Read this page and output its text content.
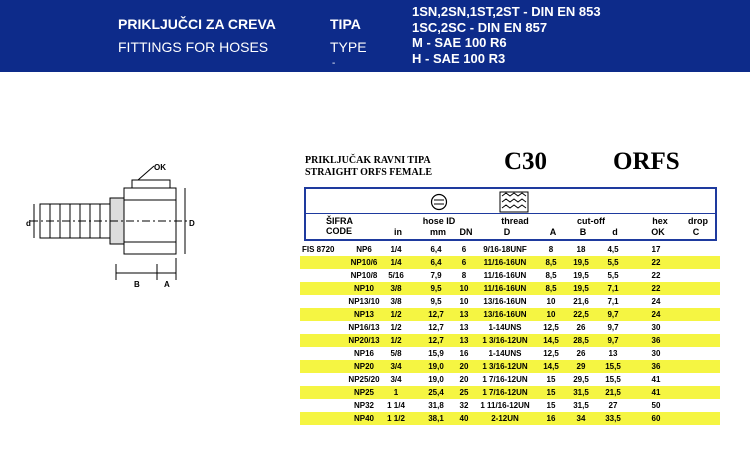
PRIKLJUČCI ZA CREVA
FITTINGS FOR HOSES
TIPA
TYPE
1SN,2SN,1ST,2ST - DIN EN 853
1SC,2SC - DIN EN 857
M - SAE 100 R6
H - SAE 100 R3
-
OK
d	D
B	A
PRIKLJUČAK RAVNI TIPA
STRAIGHT ORFS FEMALE	C30	ORFS
ŠIFRA
CODE
hose ID	thread	cut-off	hex	drop
in	mm	DN	D	A	B	d	OK	C
FIS 8720	NP6	1/4	6,4	6	9/16-18UNF	8	18	4,5	17
NP10/6	1/4	6,4	6	11/16-16UN	8,5	19,5	5,5	22
NP10/8	5/16	7,9	8	11/16-16UN	8,5	19,5	5,5	22
NP10	3/8	9,5	10	11/16-16UN	8,5	19,5	7,1	22
NP13/10	3/8	9,5	10	13/16-16UN	10	21,6	7,1	24
NP13	1/2	12,7	13	13/16-16UN	10	22,5	9,7	24
NP16/13	1/2	12,7	13	1-14UNS	12,5	26	9,7	30
NP20/13	1/2	12,7	13	1 3/16-12UN	14,5	28,5	9,7	36
NP16	5/8	15,9	16	1-14UNS	12,5	26	13	30
NP20	3/4	19,0	20	1 3/16-12UN	14,5	29	15,5	36
NP25/20	3/4	19,0	20	1 7/16-12UN	15	29,5	15,5	41
NP25	1	25,4	25	1 7/16-12UN	15	31,5	21,5	41
NP32	1 1/4	31,8	32	1 11/16-12UN	15	31,5	27	50
NP40	1 1/2	38,1	40	2-12UN	16	34	33,5	60
